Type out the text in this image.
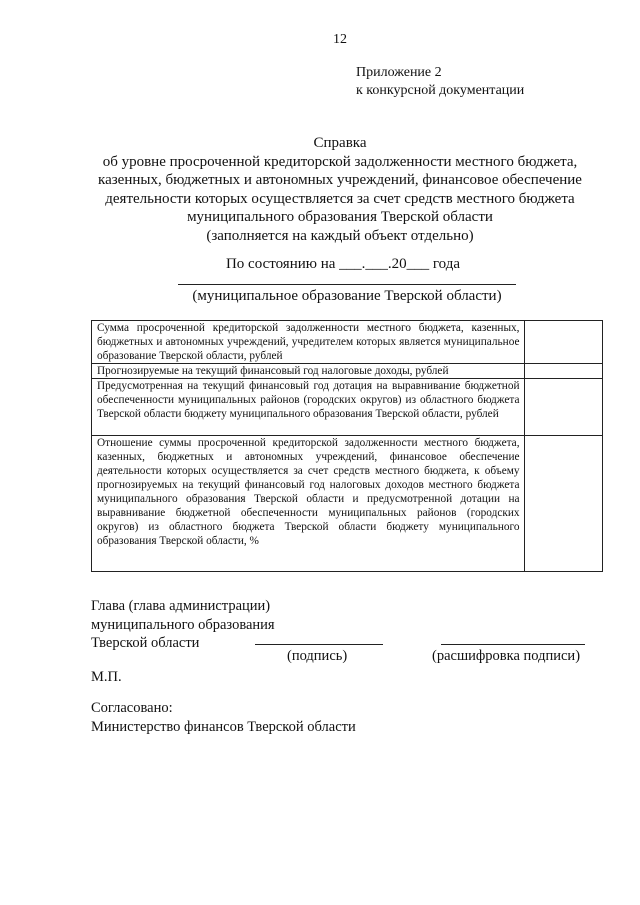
12
Приложение 2
к конкурсной документации
Справка
об уровне просроченной кредиторской задолженности местного бюджета,
казенных, бюджетных и автономных учреждений, финансовое обеспечение
деятельности которых осуществляется за счет средств местного бюджета
муниципального образования Тверской области
(заполняется на каждый объект отдельно)
По состоянию на ___.___.20___ года
(муниципальное образование Тверской области)
Сумма просроченной кредиторской задолженности местного бюджета, казенных, бюджетных и автономных учреждений, учредителем которых является муниципальное образование Тверской области, рублей	
Прогнозируемые на текущий финансовый год налоговые доходы, рублей	
Предусмотренная на текущий финансовый год дотация на выравнивание бюджетной обеспеченности муниципальных районов (городских округов) из областного бюджета Тверской области бюджету муниципального образования Тверской области, рублей	
Отношение суммы просроченной кредиторской задолженности местного бюджета, казенных, бюджетных и автономных учреждений, финансовое обеспечение деятельности которых осуществляется за счет средств местного бюджета, к объему прогнозируемых на текущий финансовый год налоговых доходов местного бюджета муниципального образования Тверской области и предусмотренной дотации на выравнивание бюджетной обеспеченности муниципальных районов (городских округов) из областного бюджета Тверской области бюджету муниципального образования Тверской области, %	
Глава (глава администрации)
муниципального образования
Тверской области
(подпись)	(расшифровка подписи)
М.П.
Согласовано:
Министерство финансов Тверской области
